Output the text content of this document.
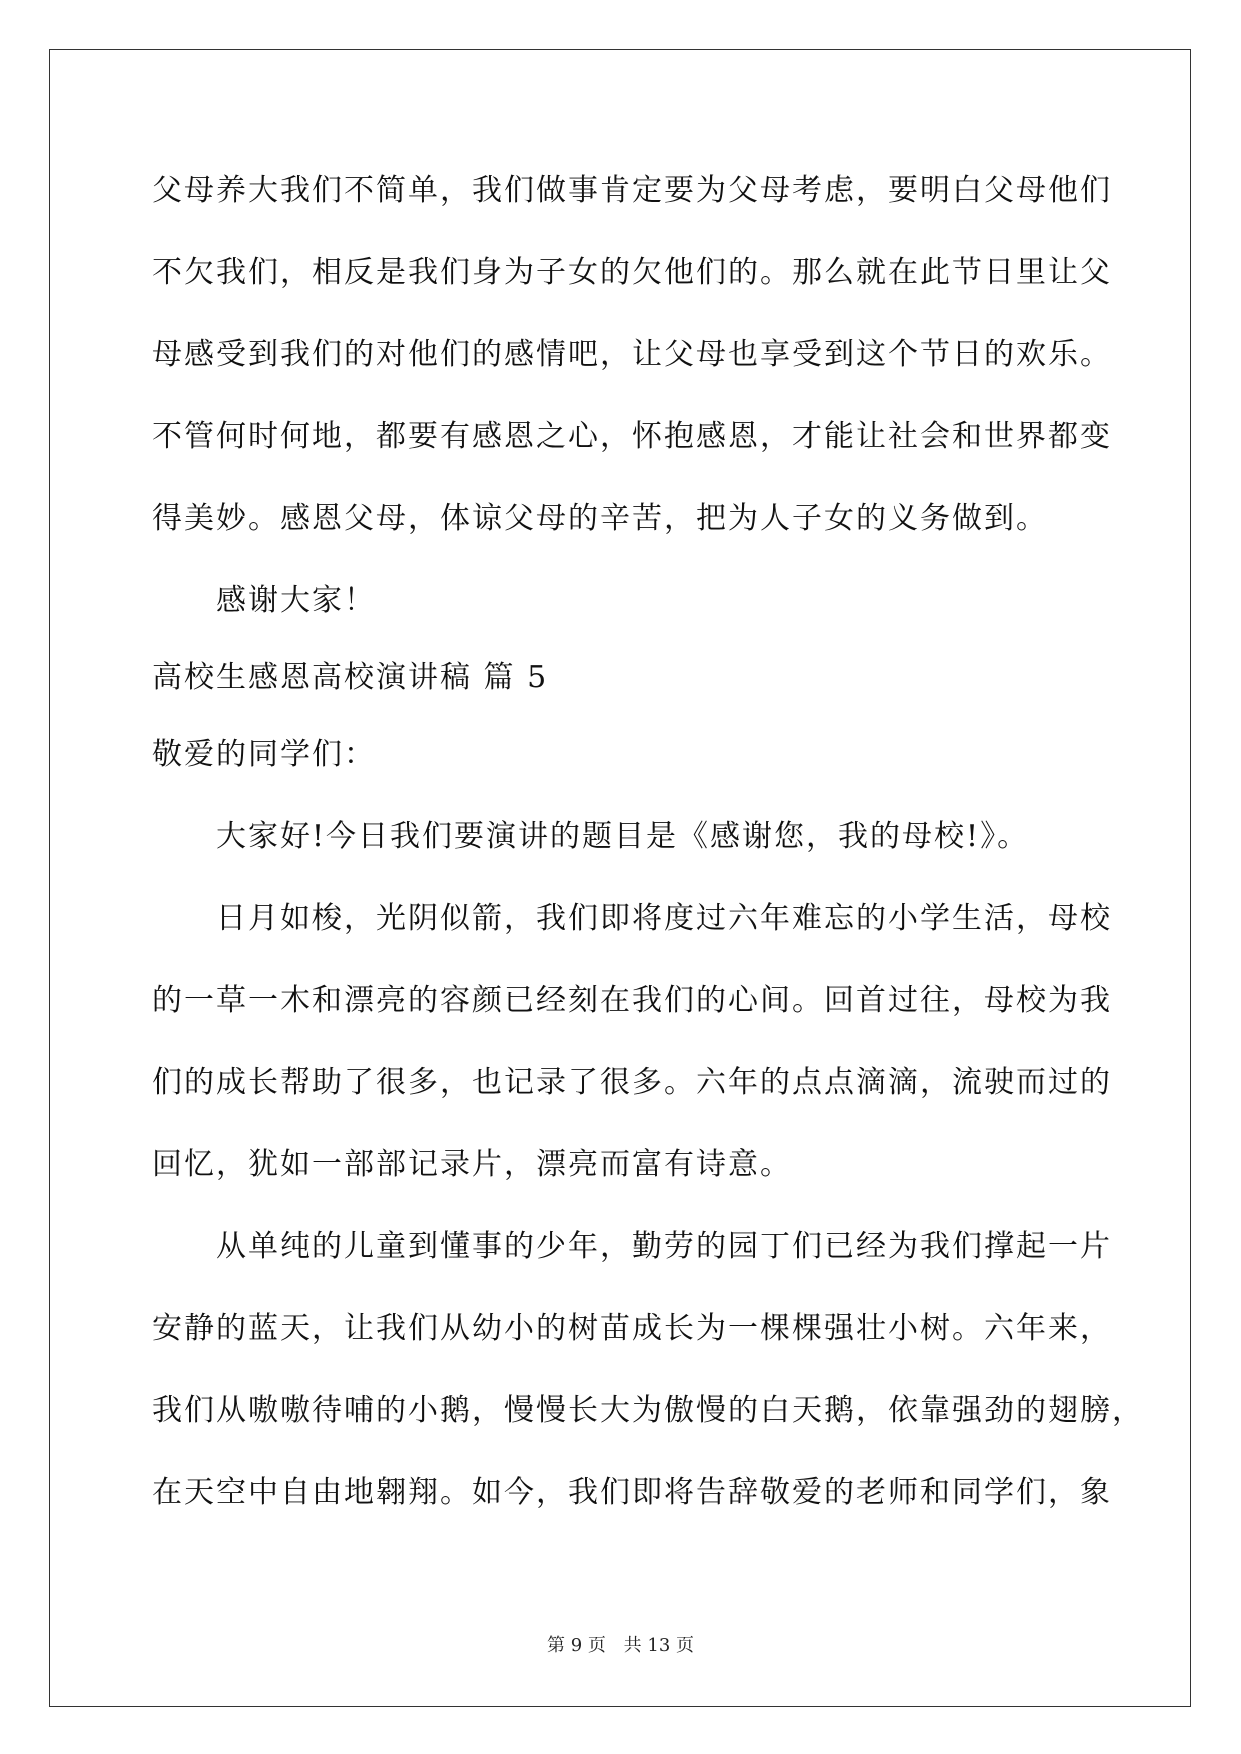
父母养大我们不简单，我们做事肯定要为父母考虑，要明白父母他们
不欠我们，相反是我们身为子女的欠他们的。那么就在此节日里让父
母感受到我们的对他们的感情吧，让父母也享受到这个节日的欢乐。
不管何时何地，都要有感恩之心，怀抱感恩，才能让社会和世界都变
得美妙。感恩父母，体谅父母的辛苦，把为人子女的义务做到。
感谢大家！
高校生感恩高校演讲稿 篇 5
敬爱的同学们：
大家好!今日我们要演讲的题目是《感谢您，我的母校!》。
日月如梭，光阴似箭，我们即将度过六年难忘的小学生活，母校
的一草一木和漂亮的容颜已经刻在我们的心间。回首过往，母校为我
们的成长帮助了很多，也记录了很多。六年的点点滴滴，流驶而过的
回忆，犹如一部部记录片，漂亮而富有诗意。
从单纯的儿童到懂事的少年，勤劳的园丁们已经为我们撑起一片
安静的蓝天，让我们从幼小的树苗成长为一棵棵强壮小树。六年来，
我们从嗷嗷待哺的小鹅，慢慢长大为傲慢的白天鹅，依靠强劲的翅膀，
在天空中自由地翱翔。如今，我们即将告辞敬爱的老师和同学们，象
第 9 页 共 13 页
